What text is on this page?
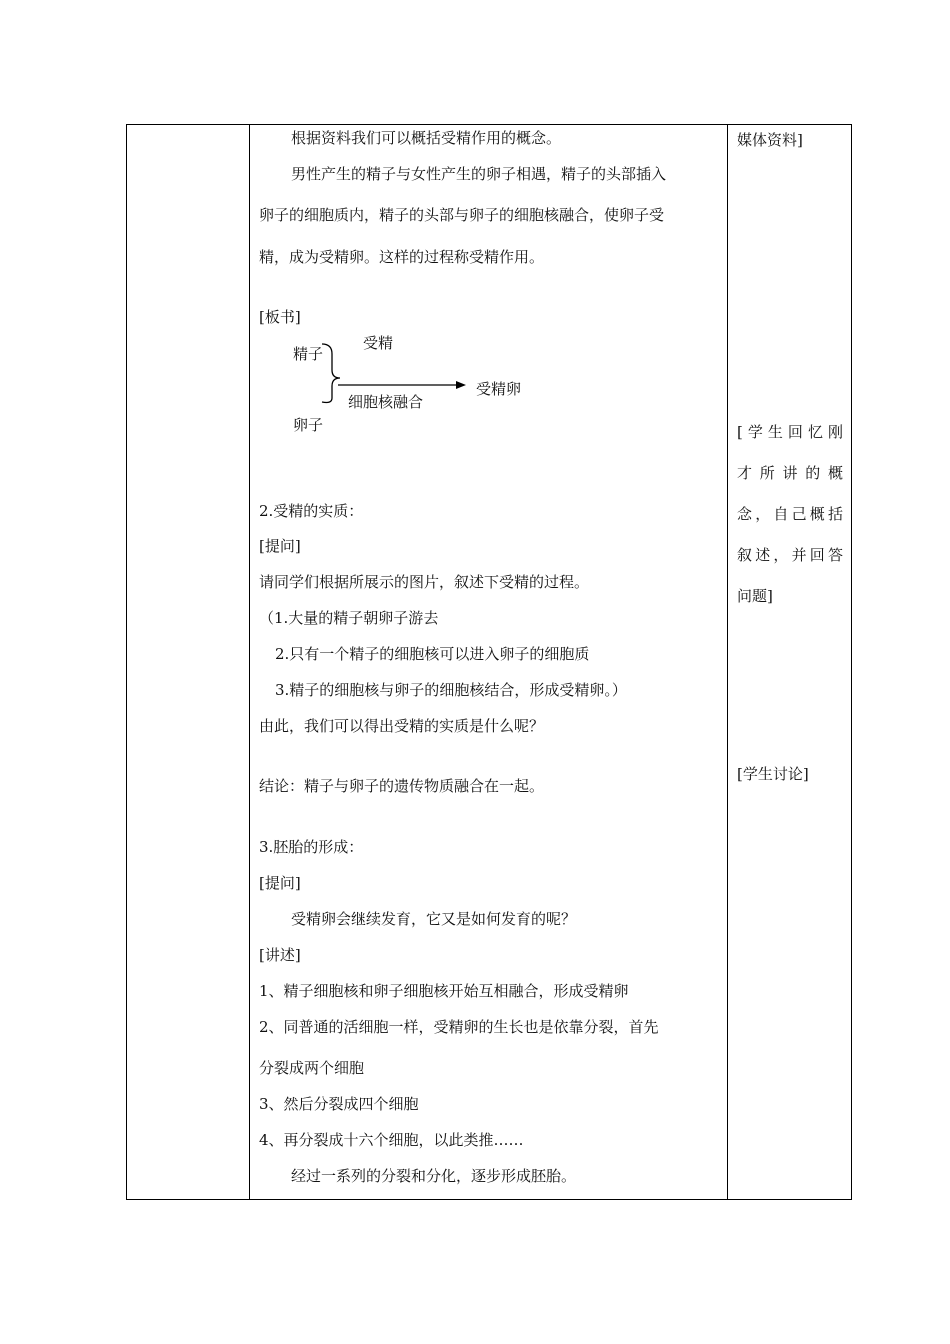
根据资料我们可以概括受精作用的概念。
男性产生的精子与女性产生的卵子相遇，精子的头部插入
卵子的细胞质内，精子的头部与卵子的细胞核融合，使卵子受
精，成为受精卵。这样的过程称受精作用。
[板书]
精子
受精
细胞核融合
受精卵
卵子
2.受精的实质：
[提问]
请同学们根据所展示的图片，叙述下受精的过程。
（1.大量的精子朝卵子游去
2.只有一个精子的细胞核可以进入卵子的细胞质
3.精子的细胞核与卵子的细胞核结合，形成受精卵。）
由此，我们可以得出受精的实质是什么呢？
结论：精子与卵子的遗传物质融合在一起。
3.胚胎的形成：
[提问]
受精卵会继续发育，它又是如何发育的呢？
[讲述]
1、精子细胞核和卵子细胞核开始互相融合，形成受精卵
2、同普通的活细胞一样，受精卵的生长也是依靠分裂，首先
分裂成两个细胞
3、然后分裂成四个细胞
4、再分裂成十六个细胞，以此类推……
经过一系列的分裂和分化，逐步形成胚胎。
媒体资料]
[学生回忆刚
才所讲的概
念，自己概括
叙述，并回答
问题]
[学生讨论]
